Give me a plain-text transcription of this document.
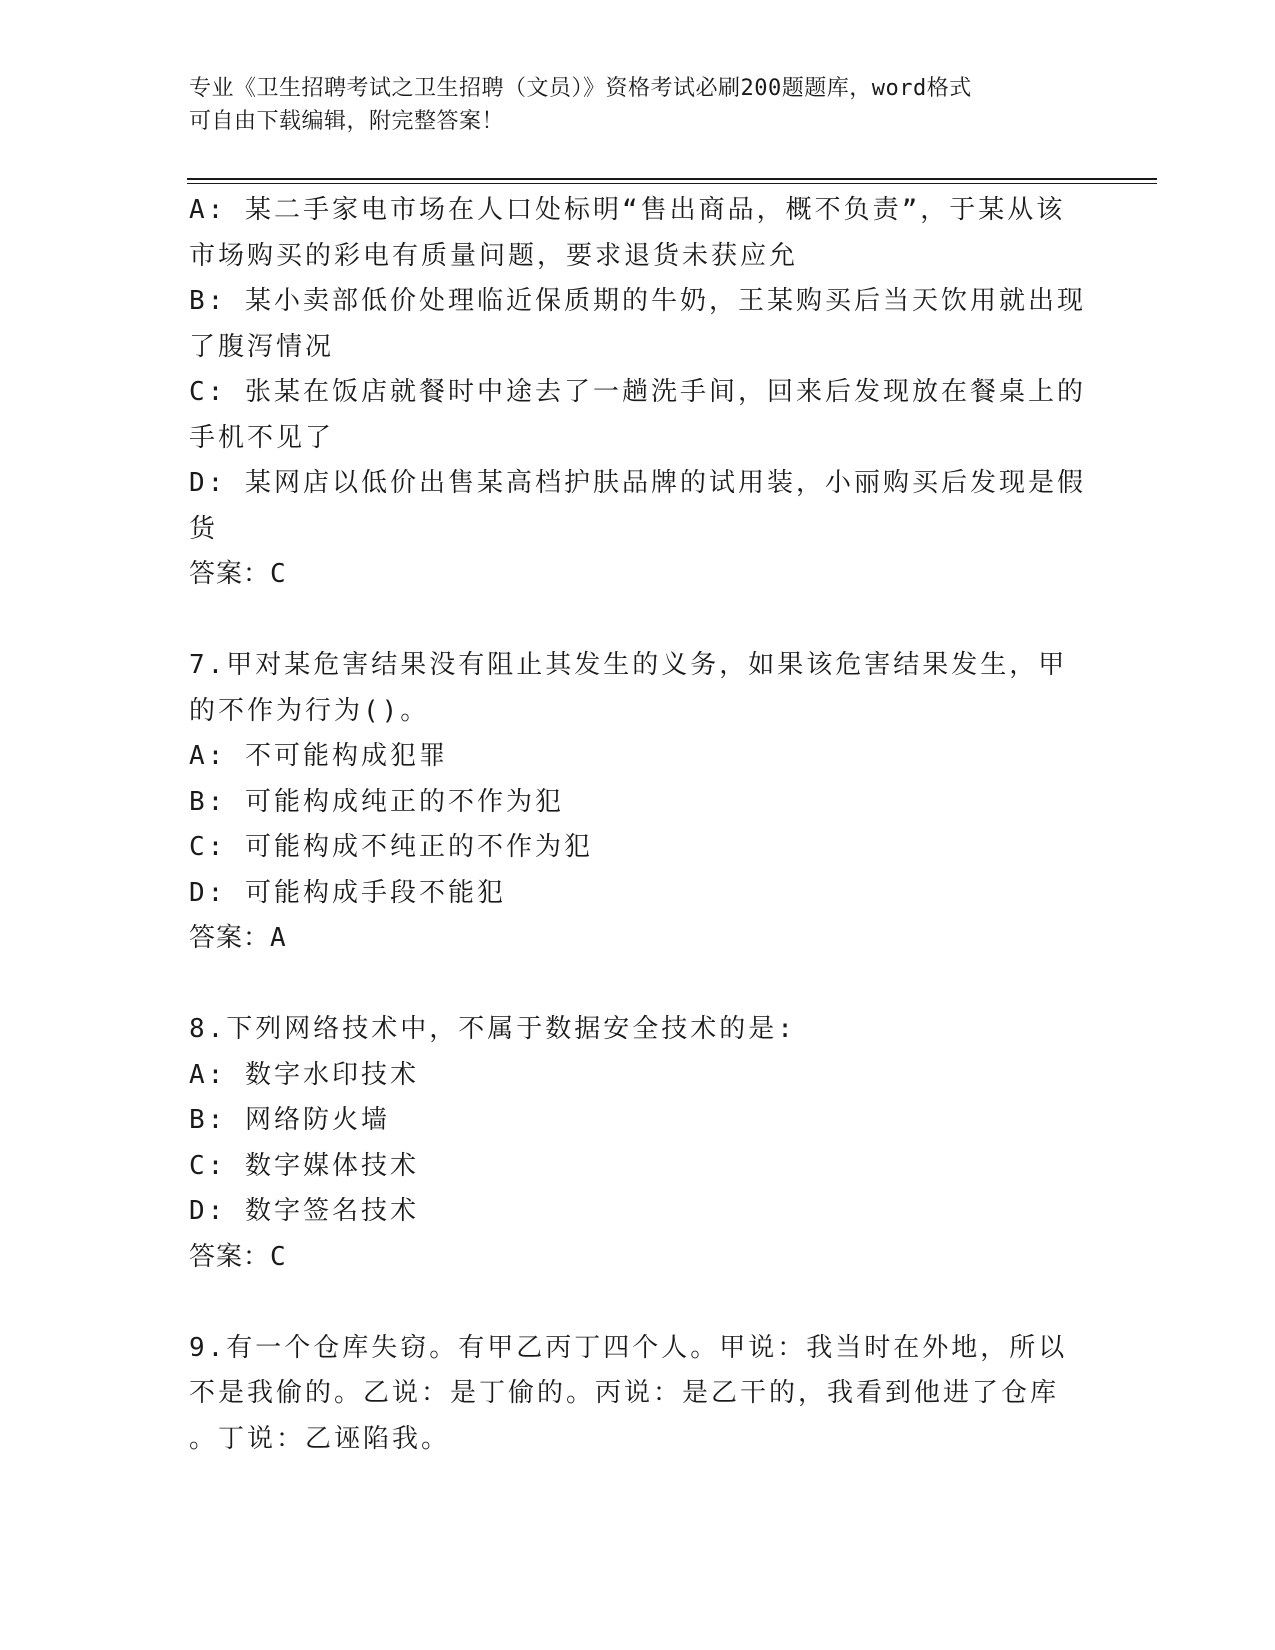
专业《卫生招聘考试之卫生招聘（文员）》资格考试必刷200题题库，word格式
可自由下载编辑，附完整答案！
A: 某二手家电市场在人口处标明“售出商品，概不负责”，于某从该
市场购买的彩电有质量问题，要求退货未获应允
B: 某小卖部低价处理临近保质期的牛奶，王某购买后当天饮用就出现
了腹泻情况
C: 张某在饭店就餐时中途去了一趟洗手间，回来后发现放在餐桌上的
手机不见了
D: 某网店以低价出售某高档护肤品牌的试用装，小丽购买后发现是假
货
答案：C
7.甲对某危害结果没有阻止其发生的义务，如果该危害结果发生，甲
的不作为行为()。
A: 不可能构成犯罪
B: 可能构成纯正的不作为犯
C: 可能构成不纯正的不作为犯
D: 可能构成手段不能犯
答案：A
8.下列网络技术中，不属于数据安全技术的是:
A: 数字水印技术
B: 网络防火墙
C: 数字媒体技术
D: 数字签名技术
答案：C
9.有一个仓库失窃。有甲乙丙丁四个人。甲说：我当时在外地，所以
不是我偷的。乙说：是丁偷的。丙说：是乙干的，我看到他进了仓库
。丁说：乙诬陷我。
